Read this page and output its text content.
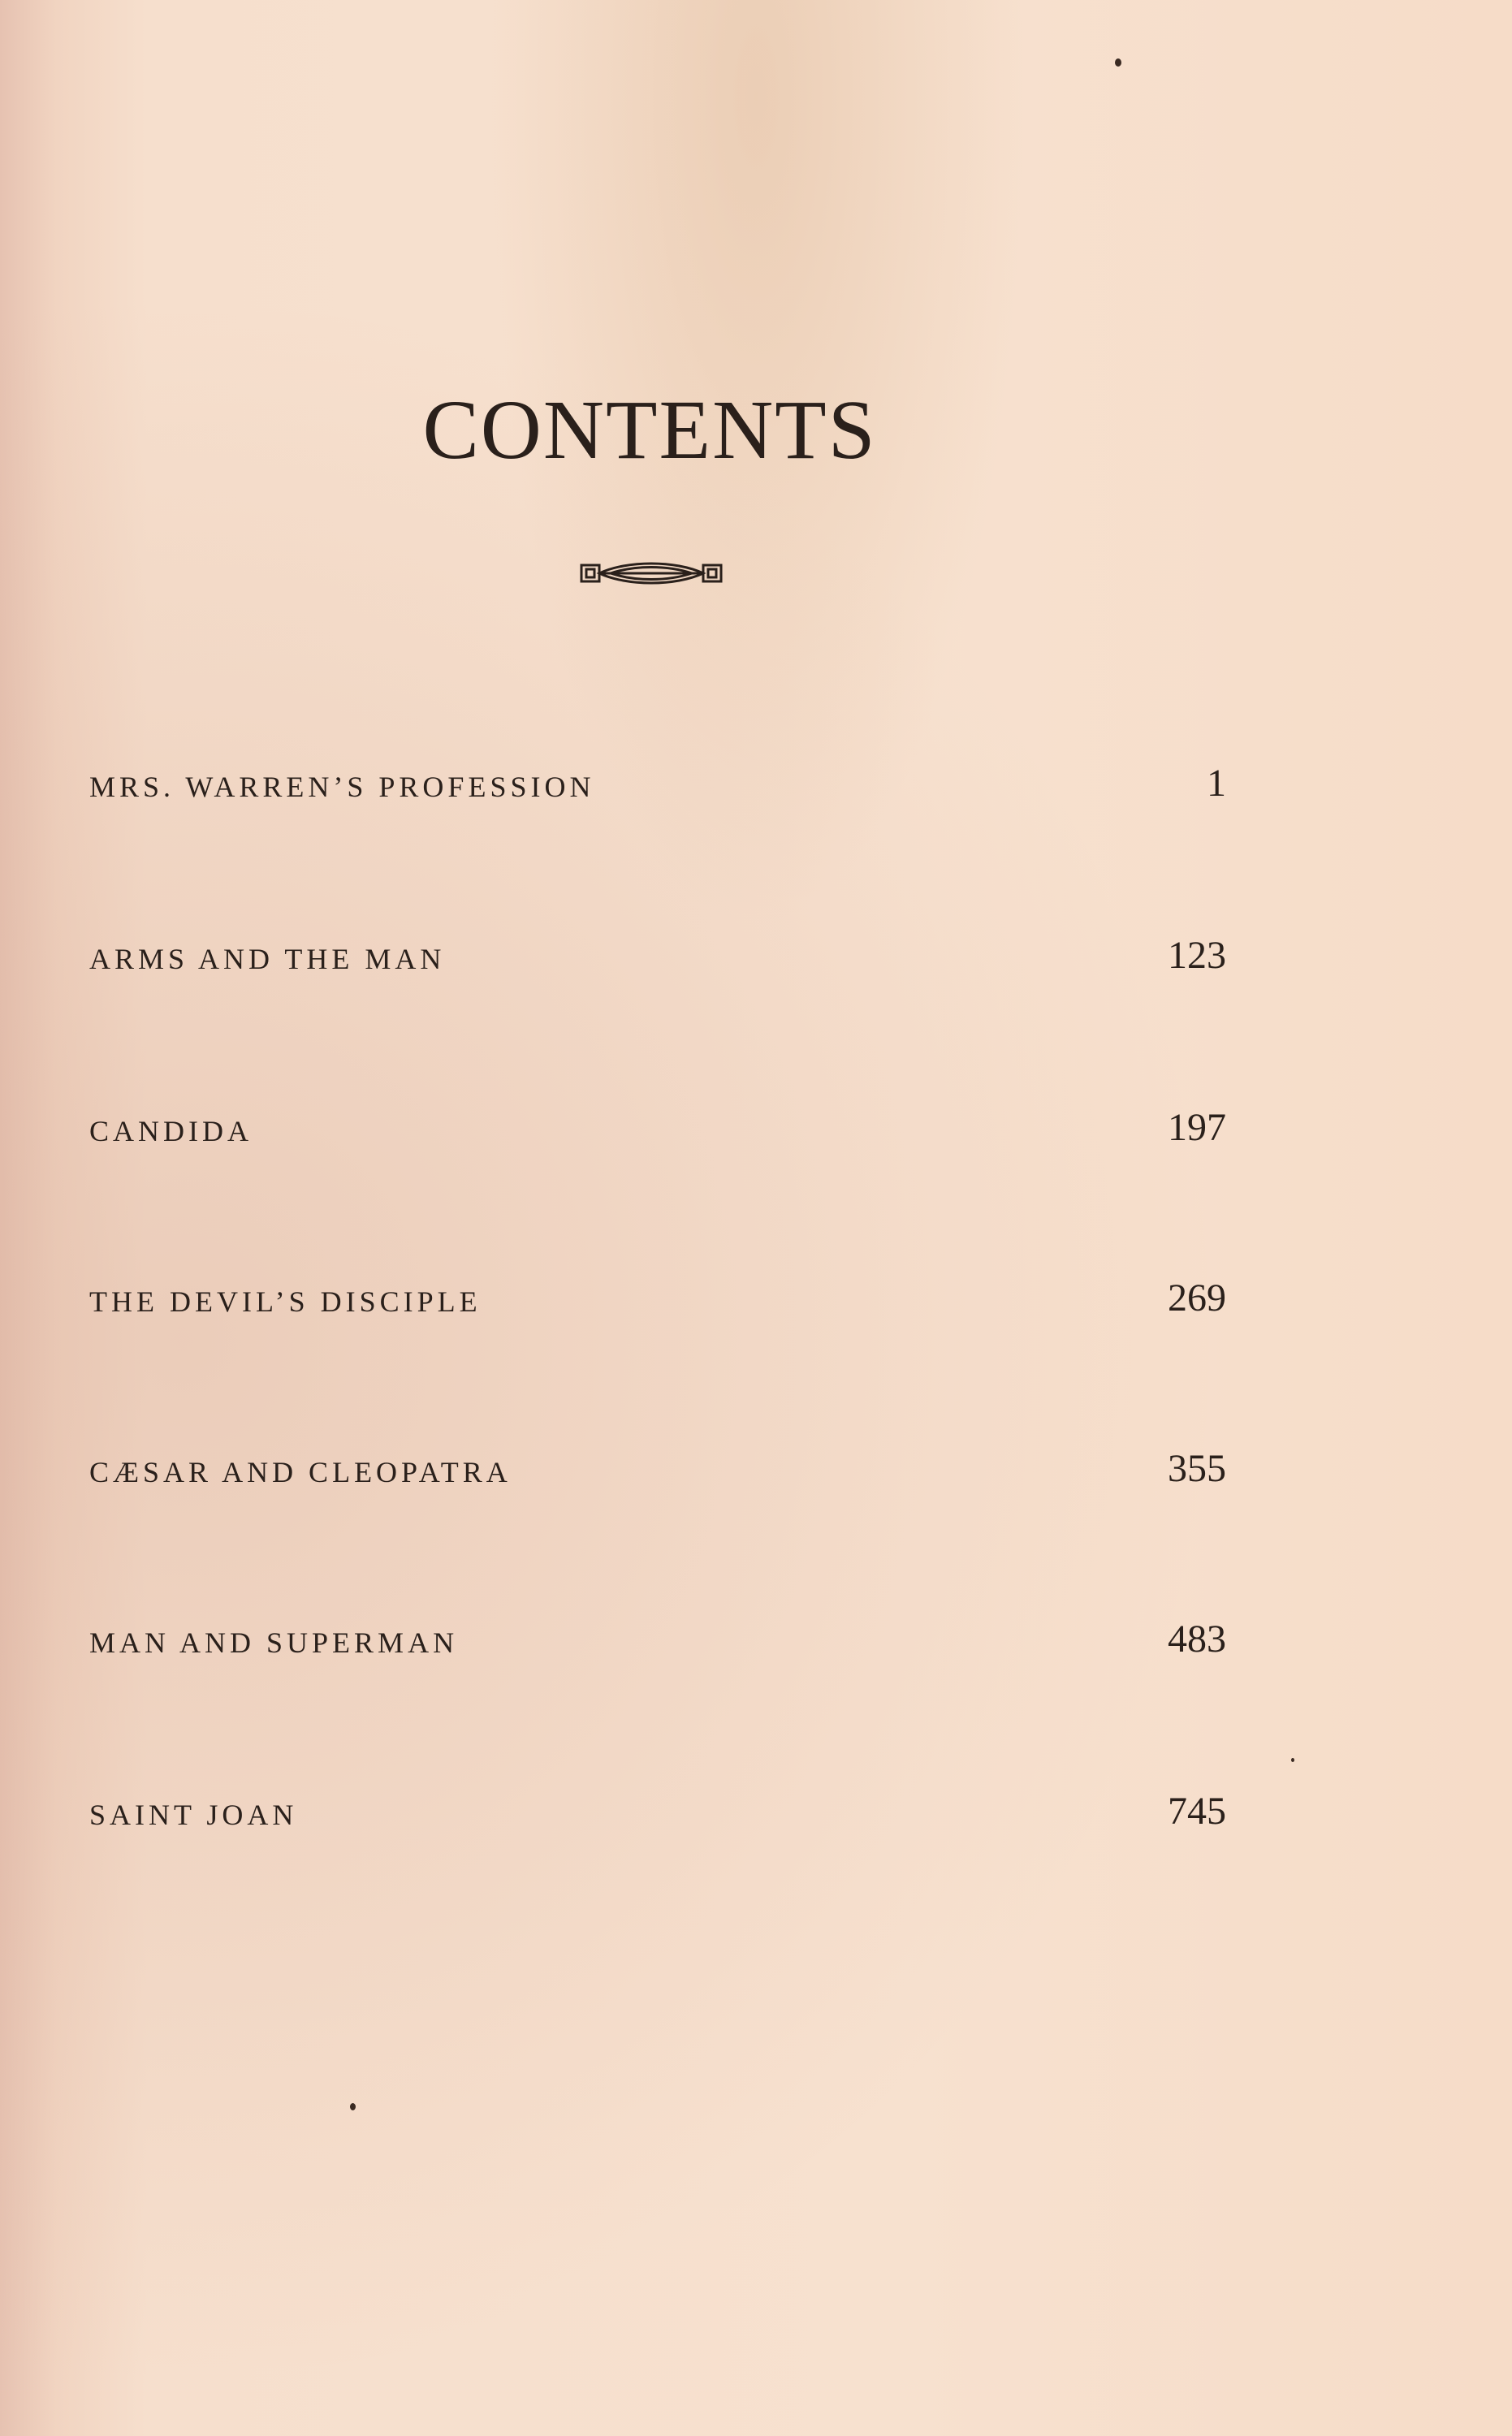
CONTENTS
MRS. WARREN’S PROFESSION	1
ARMS AND THE MAN	123
CANDIDA	197
THE DEVIL’S DISCIPLE	269
CÆSAR AND CLEOPATRA	355
MAN AND SUPERMAN	483
SAINT JOAN	745
